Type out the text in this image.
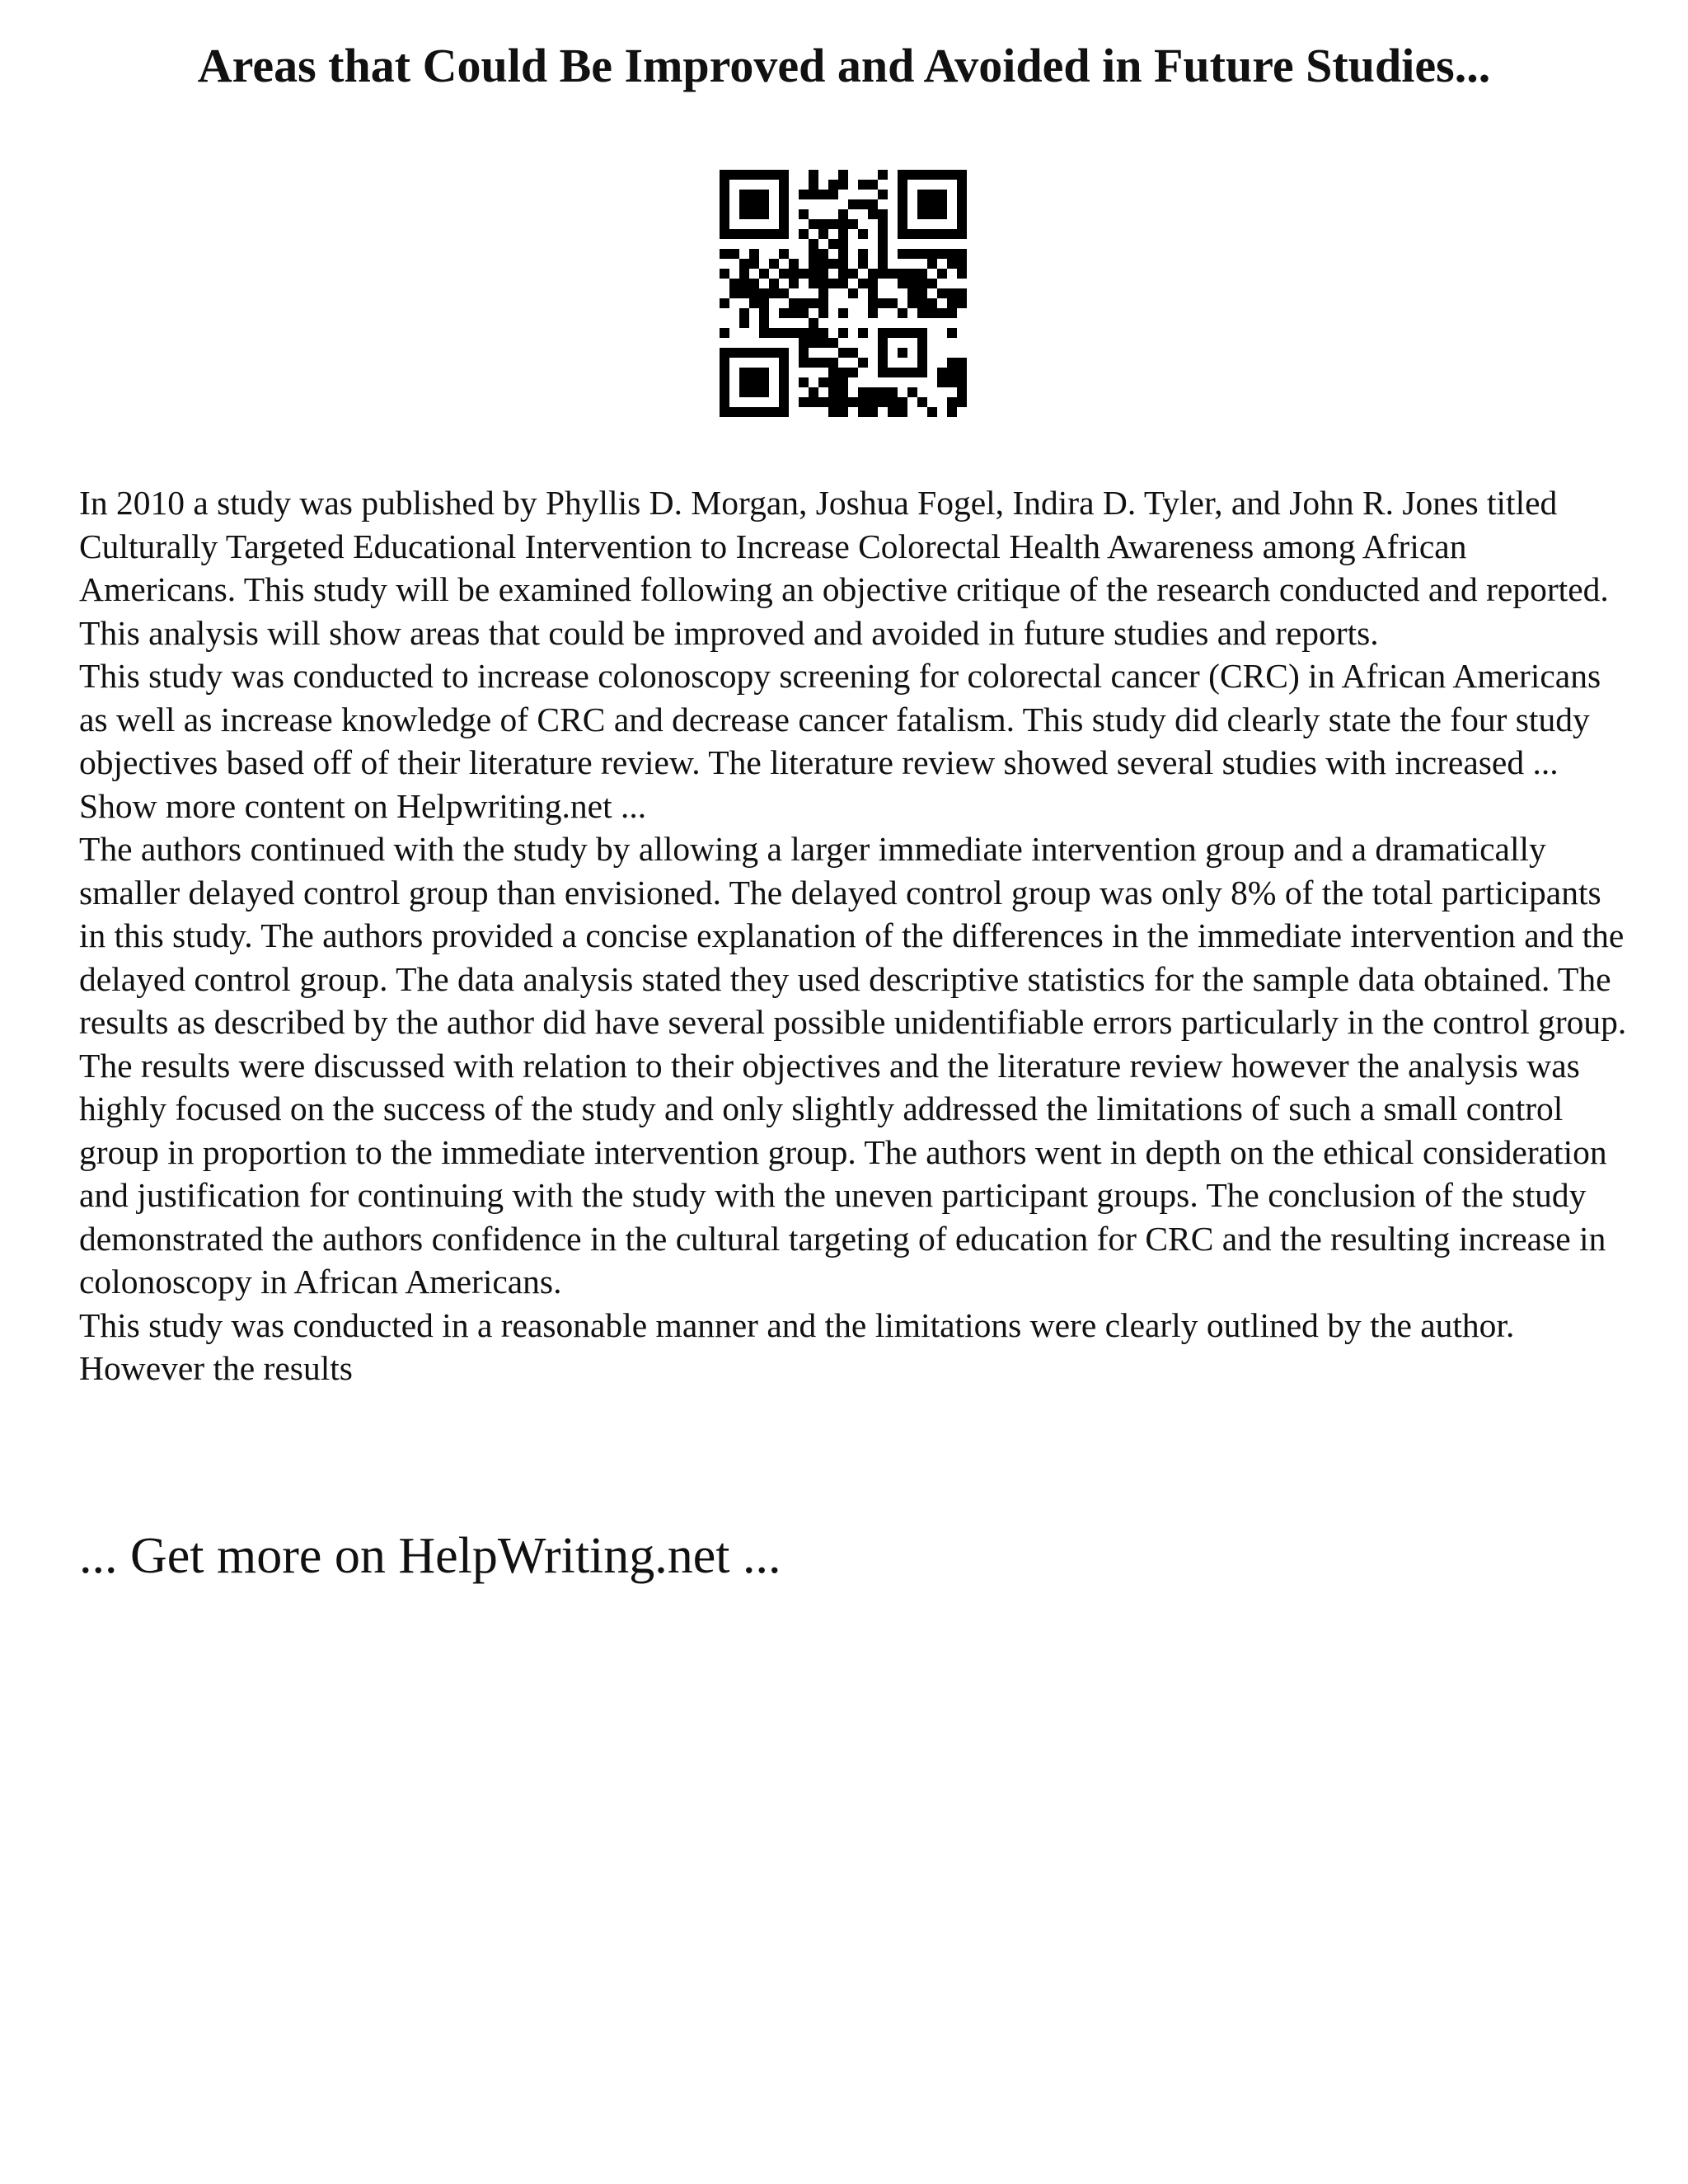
Areas that Could Be Improved and Avoided in Future Studies...

In 2010 a study was published by Phyllis D. Morgan, Joshua Fogel, Indira D. Tyler, and John R. Jones titled Culturally Targeted Educational Intervention to Increase Colorectal Health Awareness among African Americans. This study will be examined following an objective critique of the research conducted and reported. This analysis will show areas that could be improved and avoided in future studies and reports.

This study was conducted to increase colonoscopy screening for colorectal cancer (CRC) in African Americans as well as increase knowledge of CRC and decrease cancer fatalism. This study did clearly state the four study objectives based off of their literature review. The literature review showed several studies with increased ... Show more content on Helpwriting.net ...

The authors continued with the study by allowing a larger immediate intervention group and a dramatically smaller delayed control group than envisioned. The delayed control group was only 8% of the total participants in this study. The authors provided a concise explanation of the differences in the immediate intervention and the delayed control group. The data analysis stated they used descriptive statistics for the sample data obtained. The results as described by the author did have several possible unidentifiable errors particularly in the control group. The results were discussed with relation to their objectives and the literature review however the analysis was highly focused on the success of the study and only slightly addressed the limitations of such a small control group in proportion to the immediate intervention group. The authors went in depth on the ethical consideration and justification for continuing with the study with the uneven participant groups. The conclusion of the study demonstrated the authors confidence in the cultural targeting of education for CRC and the resulting increase in colonoscopy in African Americans.

This study was conducted in a reasonable manner and the limitations were clearly outlined by the author. However the results

... Get more on HelpWriting.net ...
